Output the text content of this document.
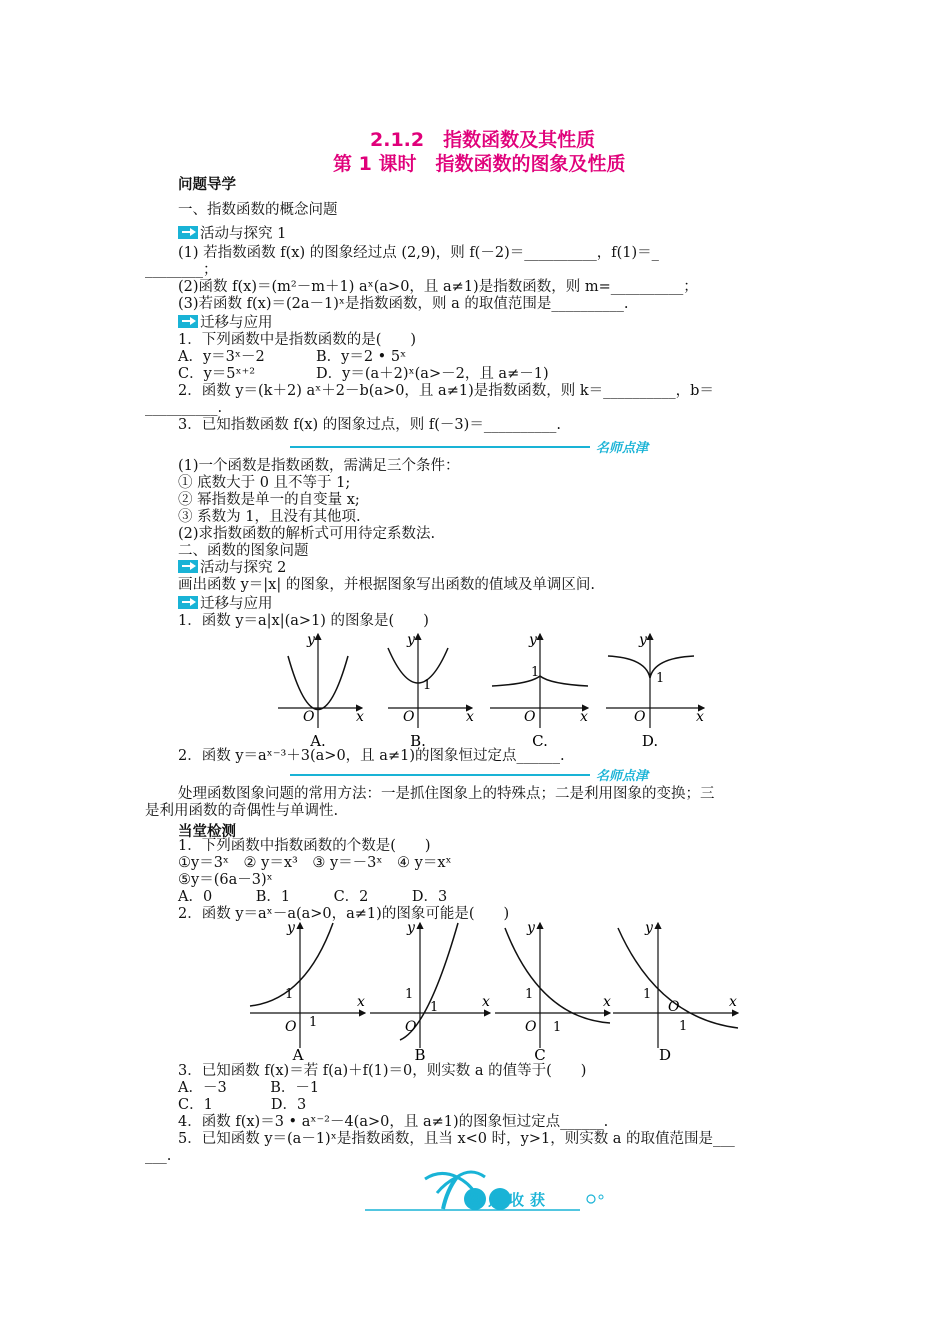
2.1.2　指数函数及其性质
第 1 课时　指数函数的图象及性质
问题导学
一、指数函数的概念问题
活动与探究 1
(1) 若指数函数 f(x) 的图象经过点 (2,9)，则 f(－2)＝__________，f(1)＝_
________；
(2)函数 f(x)＝(m²－m＋1) aˣ(a>0，且 a≠1)是指数函数，则 m=__________；
(3)若函数 f(x)＝(2a－1)ˣ是指数函数，则 a 的取值范围是__________.
迁移与应用
1．下列函数中是指数函数的是(　　)
A．y＝3ˣ－2	B．y＝2 • 5ˣ
C．y＝5ˣ⁺²	D．y＝(a＋2)ˣ(a>－2，且 a≠－1)
2．函数 y＝(k＋2) aˣ＋2－b(a>0，且 a≠1)是指数函数，则 k＝__________，b＝
__________.
3．已知指数函数 f(x) 的图象过点，则 f(－3)＝__________.
名师点津
(1)一个函数是指数函数，需满足三个条件：
① 底数大于 0 且不等于 1;
② 幂指数是单一的自变量 x;
③ 系数为 1，且没有其他项.
(2)求指数函数的解析式可用待定系数法.
二、函数的图象问题
活动与探究 2
画出函数 y＝|x| 的图象，并根据图象写出函数的值域及单调区间.
迁移与应用
1．函数 y＝a|x|(a>1) 的图象是(　　)
O	x
y
A.
1
O	x
y
B.
1
O	x
y
C.
1
O	x
y
D.
2．函数 y＝aˣ⁻³＋3(a>0，且 a≠1)的图象恒过定点______.
名师点津
处理函数图象问题的常用方法：一是抓住图象上的特殊点；二是利用图象的变换；三
是利用函数的奇偶性与单调性.
当堂检测
1．下列函数中指数函数的个数是(　　)
①y＝3ˣ　② y＝x³　③ y＝－3ˣ　④ y＝xˣ
⑤y＝(6a－3)ˣ
A．0　　　B．1　　　C．2　　　D．3
2．函数 y＝aˣ－a(a>0，a≠1)的图象可能是(　　)
1
O 1
x
y
A
1
O
1	x
y
B
1
O 1
x
y
C
1
O
1
x
y
D
3．已知函数 f(x)＝若 f(a)＋f(1)＝0，则实数 a 的值等于(　　)
A．－3　　　B．－1
C．1　　　　D．3
4．函数 f(x)＝3 • aˣ⁻²－4(a>0，且 a≠1)的图象恒过定点______.
5．已知函数 y＝(a－1)ˣ是指数函数，且当 x<0 时，y>1，则实数 a 的取值范围是___
___.
盘点收获
